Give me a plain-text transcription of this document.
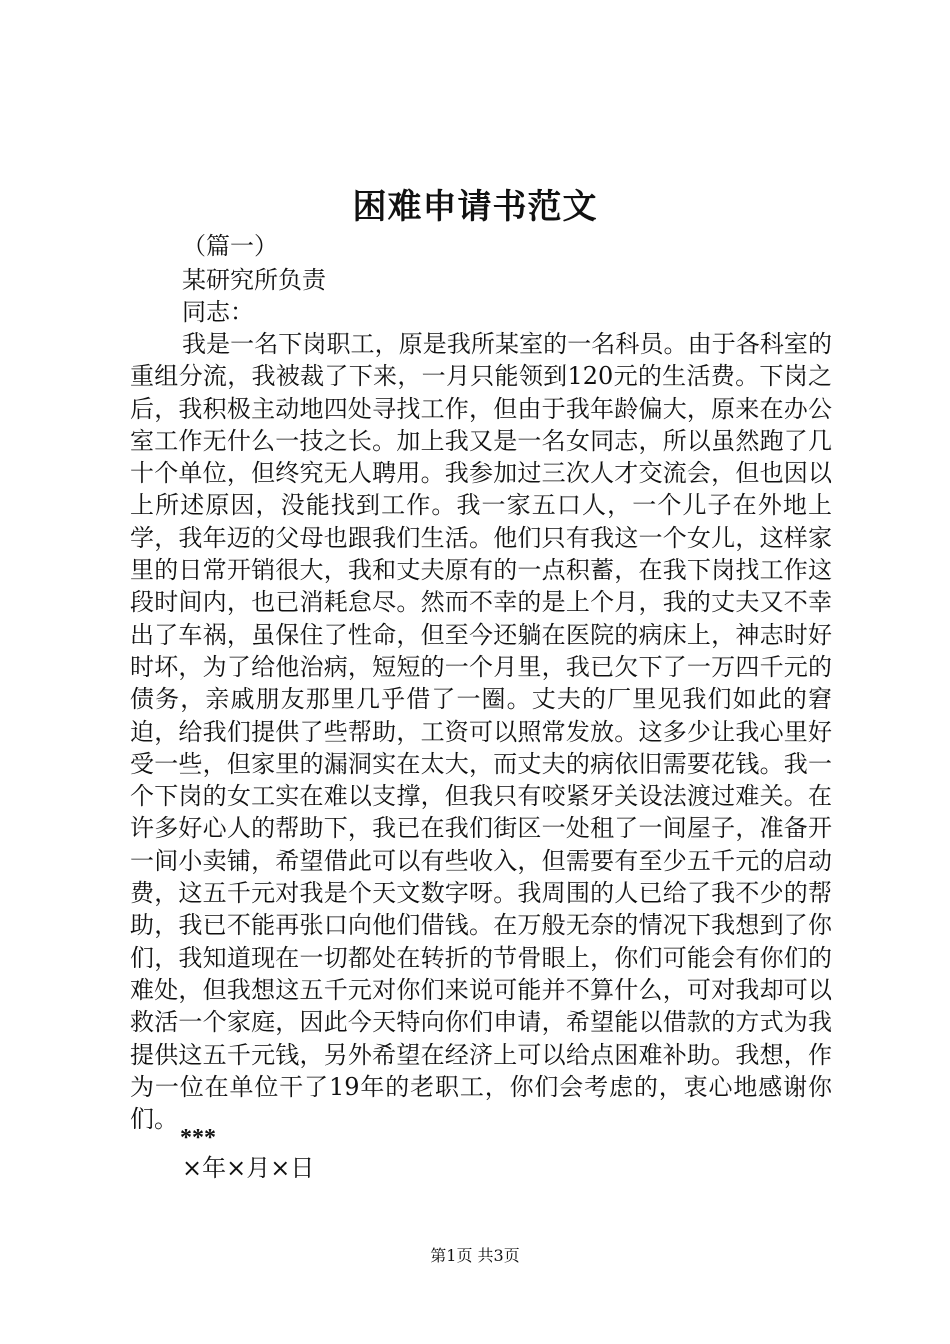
困难申请书范文
（篇一）
某研究所负责
同志：
我是一名下岗职工，原是我所某室的一名科员。由于各科室的重组分流，我被裁了下来，一月只能领到120元的生活费。下岗之后，我积极主动地四处寻找工作，但由于我年龄偏大，原来在办公室工作无什么一技之长。加上我又是一名女同志，所以虽然跑了几十个单位，但终究无人聘用。我参加过三次人才交流会，但也因以上所述原因，没能找到工作。我一家五口人，一个儿子在外地上学，我年迈的父母也跟我们生活。他们只有我这一个女儿，这样家里的日常开销很大，我和丈夫原有的一点积蓄，在我下岗找工作这段时间内，也已消耗怠尽。然而不幸的是上个月，我的丈夫又不幸出了车祸，虽保住了性命，但至今还躺在医院的病床上，神志时好时坏，为了给他治病，短短的一个月里，我已欠下了一万四千元的债务，亲戚朋友那里几乎借了一圈。丈夫的厂里见我们如此的窘迫，给我们提供了些帮助，工资可以照常发放。这多少让我心里好受一些，但家里的漏洞实在太大，而丈夫的病依旧需要花钱。我一个下岗的女工实在难以支撑，但我只有咬紧牙关设法渡过难关。在许多好心人的帮助下，我已在我们街区一处租了一间屋子，准备开一间小卖铺，希望借此可以有些收入，但需要有至少五千元的启动费，这五千元对我是个天文数字呀。我周围的人已给了我不少的帮助，我已不能再张口向他们借钱。在万般无奈的情况下我想到了你们，我知道现在一切都处在转折的节骨眼上，你们可能会有你们的难处，但我想这五千元对你们来说可能并不算什么，可对我却可以救活一个家庭，因此今天特向你们申请，希望能以借款的方式为我提供这五千元钱，另外希望在经济上可以给点困难补助。我想，作为一位在单位干了19年的老职工，你们会考虑的，衷心地感谢你们。
***
×年×月×日
第1页 共3页
